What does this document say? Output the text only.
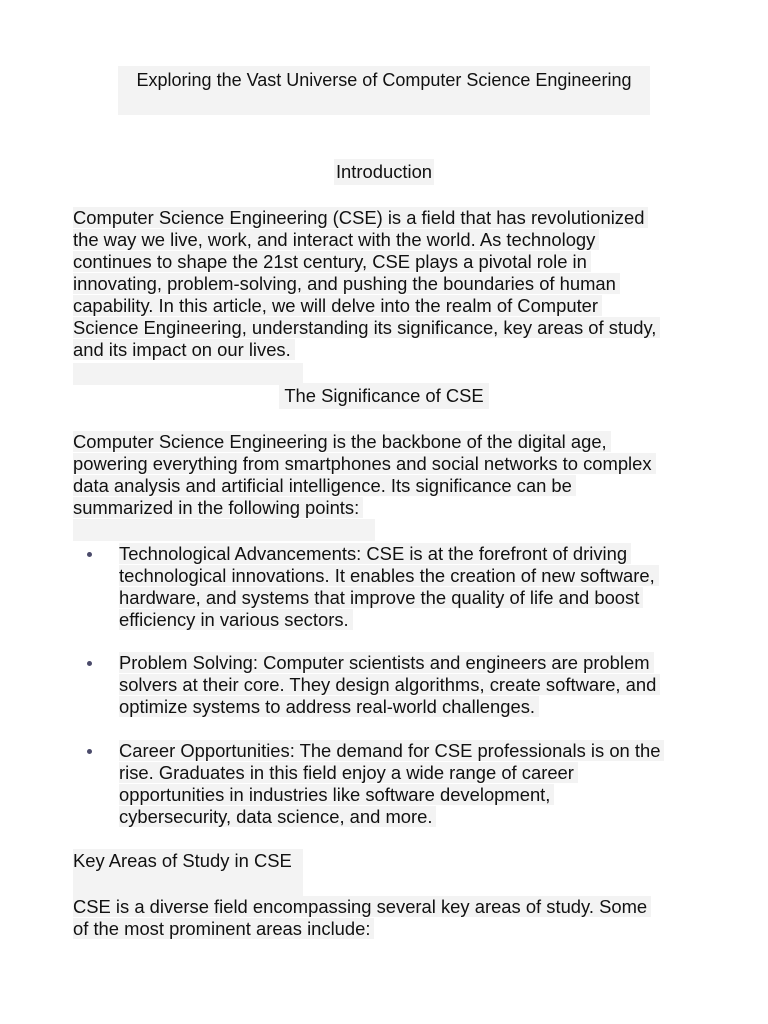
Exploring the Vast Universe of Computer Science Engineering
Introduction
Computer Science Engineering (CSE) is a field that has revolutionized
the way we live, work, and interact with the world. As technology
continues to shape the 21st century, CSE plays a pivotal role in
innovating, problem-solving, and pushing the boundaries of human
capability. In this article, we will delve into the realm of Computer
Science Engineering, understanding its significance, key areas of study,
and its impact on our lives.
The Significance of CSE
Computer Science Engineering is the backbone of the digital age,
powering everything from smartphones and social networks to complex
data analysis and artificial intelligence. Its significance can be
summarized in the following points:
Technological Advancements: CSE is at the forefront of driving
technological innovations. It enables the creation of new software,
hardware, and systems that improve the quality of life and boost
efficiency in various sectors.
Problem Solving: Computer scientists and engineers are problem
solvers at their core. They design algorithms, create software, and
optimize systems to address real-world challenges.
Career Opportunities: The demand for CSE professionals is on the
rise. Graduates in this field enjoy a wide range of career
opportunities in industries like software development,
cybersecurity, data science, and more.
Key Areas of Study in CSE
CSE is a diverse field encompassing several key areas of study. Some
of the most prominent areas include:
